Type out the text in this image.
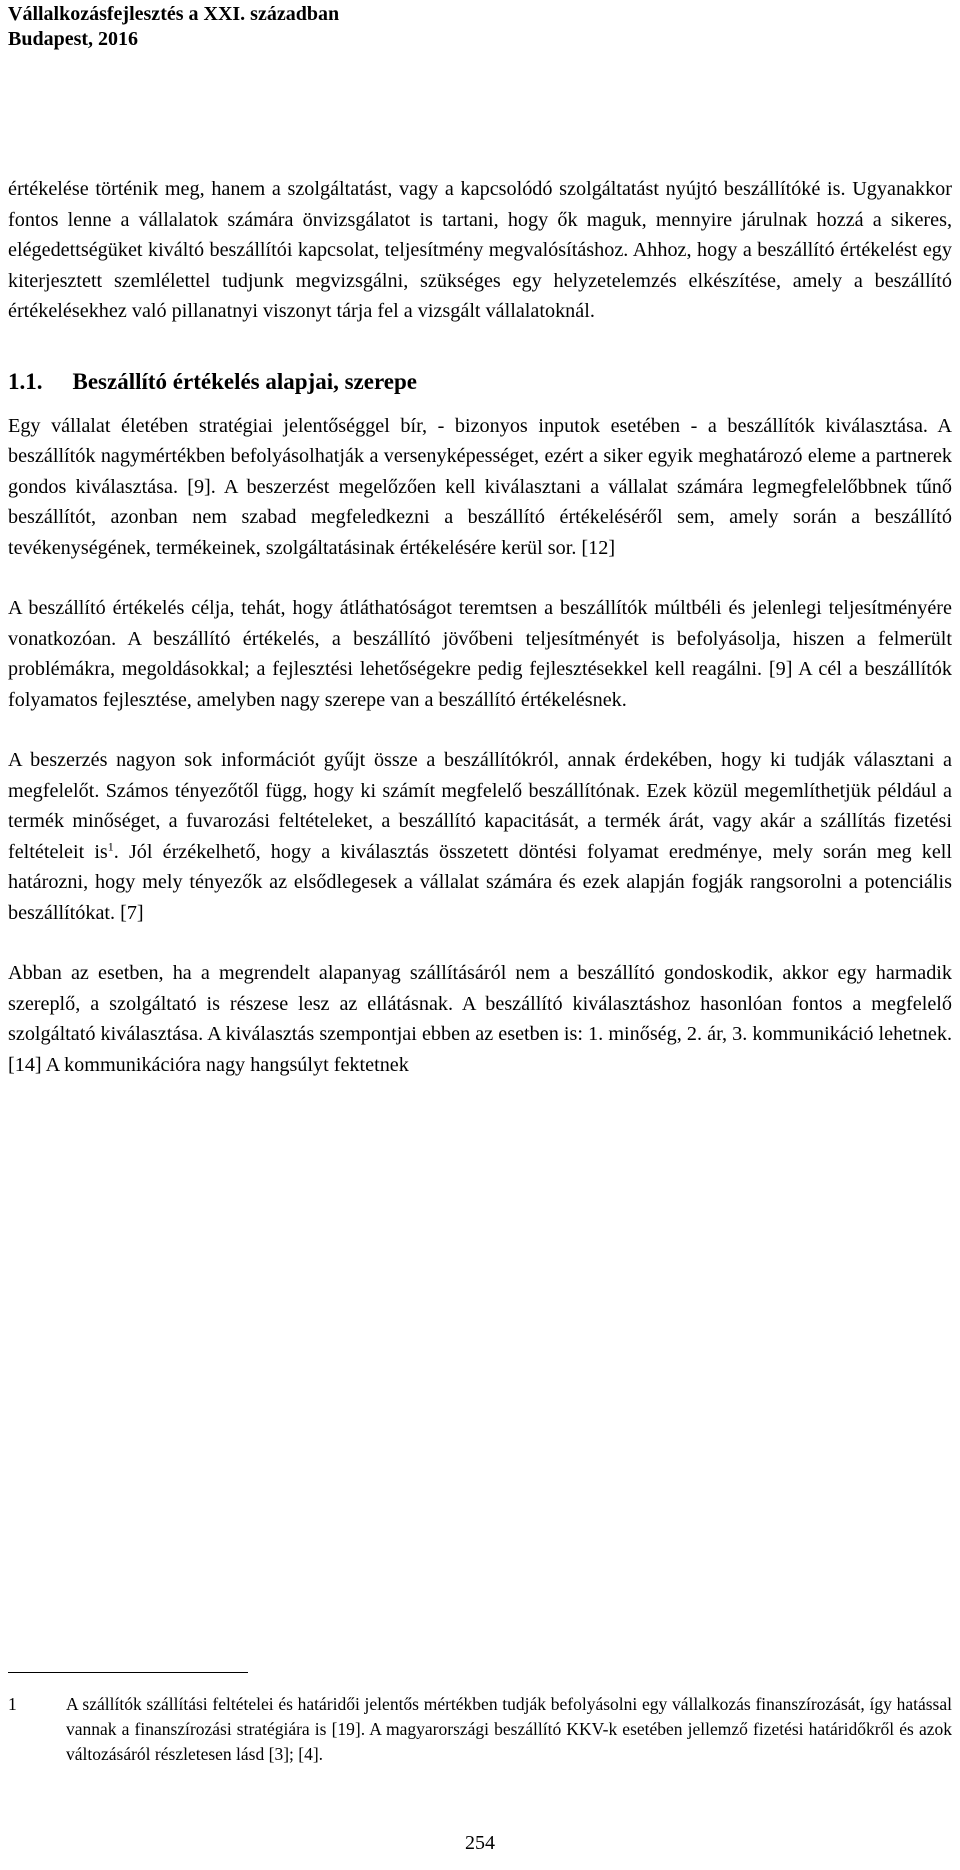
Vállalkozásfejlesztés a XXI. században
Budapest, 2016

értékelése történik meg, hanem a szolgáltatást, vagy a kapcsolódó szolgáltatást nyújtó beszállítóké is. Ugyanakkor fontos lenne a vállalatok számára önvizsgálatot is tartani, hogy ők maguk, mennyire járulnak hozzá a sikeres, elégedettségüket kiváltó beszállítói kapcsolat, teljesítmény megvalósításhoz. Ahhoz, hogy a beszállító értékelést egy kiterjesztett szemlélettel tudjunk megvizsgálni, szükséges egy helyzetelemzés elkészítése, amely a beszállító értékelésekhez való pillanatnyi viszonyt tárja fel a vizsgált vállalatoknál.

1.1. Beszállító értékelés alapjai, szerepe

Egy vállalat életében stratégiai jelentőséggel bír, - bizonyos inputok esetében - a beszállítók kiválasztása. A beszállítók nagymértékben befolyásolhatják a versenyképességet, ezért a siker egyik meghatározó eleme a partnerek gondos kiválasztása. [9]. A beszerzést megelőzően kell kiválasztani a vállalat számára legmegfelelőbbnek tűnő beszállítót, azonban nem szabad megfeledkezni a beszállító értékeléséről sem, amely során a beszállító tevékenységének, termékeinek, szolgáltatásinak értékelésére kerül sor. [12]

A beszállító értékelés célja, tehát, hogy átláthatóságot teremtsen a beszállítók múltbéli és jelenlegi teljesítményére vonatkozóan. A beszállító értékelés, a beszállító jövőbeni teljesítményét is befolyásolja, hiszen a felmerült problémákra, megoldásokkal; a fejlesztési lehetőségekre pedig fejlesztésekkel kell reagálni. [9] A cél a beszállítók folyamatos fejlesztése, amelyben nagy szerepe van a beszállító értékelésnek.

A beszerzés nagyon sok információt gyűjt össze a beszállítókról, annak érdekében, hogy ki tudják választani a megfelelőt. Számos tényezőtől függ, hogy ki számít megfelelő beszállítónak. Ezek közül megemlíthetjük például a termék minőséget, a fuvarozási feltételeket, a beszállító kapacitását, a termék árát, vagy akár a szállítás fizetési feltételeit $is^1$. Jól érzékelhető, hogy a kiválasztás összetett döntési folyamat eredménye, mely során meg kell határozni, hogy mely tényezők az elsődlegesek a vállalat számára és ezek alapján fogják rangsorolni a potenciális beszállítókat. [7]

Abban az esetben, ha a megrendelt alapanyag szállításáról nem a beszállító gondoskodik, akkor egy harmadik szereplő, a szolgáltató is részese lesz az ellátásnak. A beszállító kiválasztáshoz hasonlóan fontos a megfelelő szolgáltató kiválasztása. A kiválasztás szempontjai ebben az esetben is: 1. minőség, 2. ár, 3. kommunikáció lehetnek.[14] A kommunikációra nagy hangsúlyt fektetnek

1	A szállítók szállítási feltételei és határidői jelentős mértékben tudják befolyásolni egy vállalkozás finanszírozását, így hatással vannak a finanszírozási stratégiára is [19]. A magyarországi beszállító KKV-k esetében jellemző fizetési határidőkről és azok változásáról részletesen lásd [3]; [4].
254
